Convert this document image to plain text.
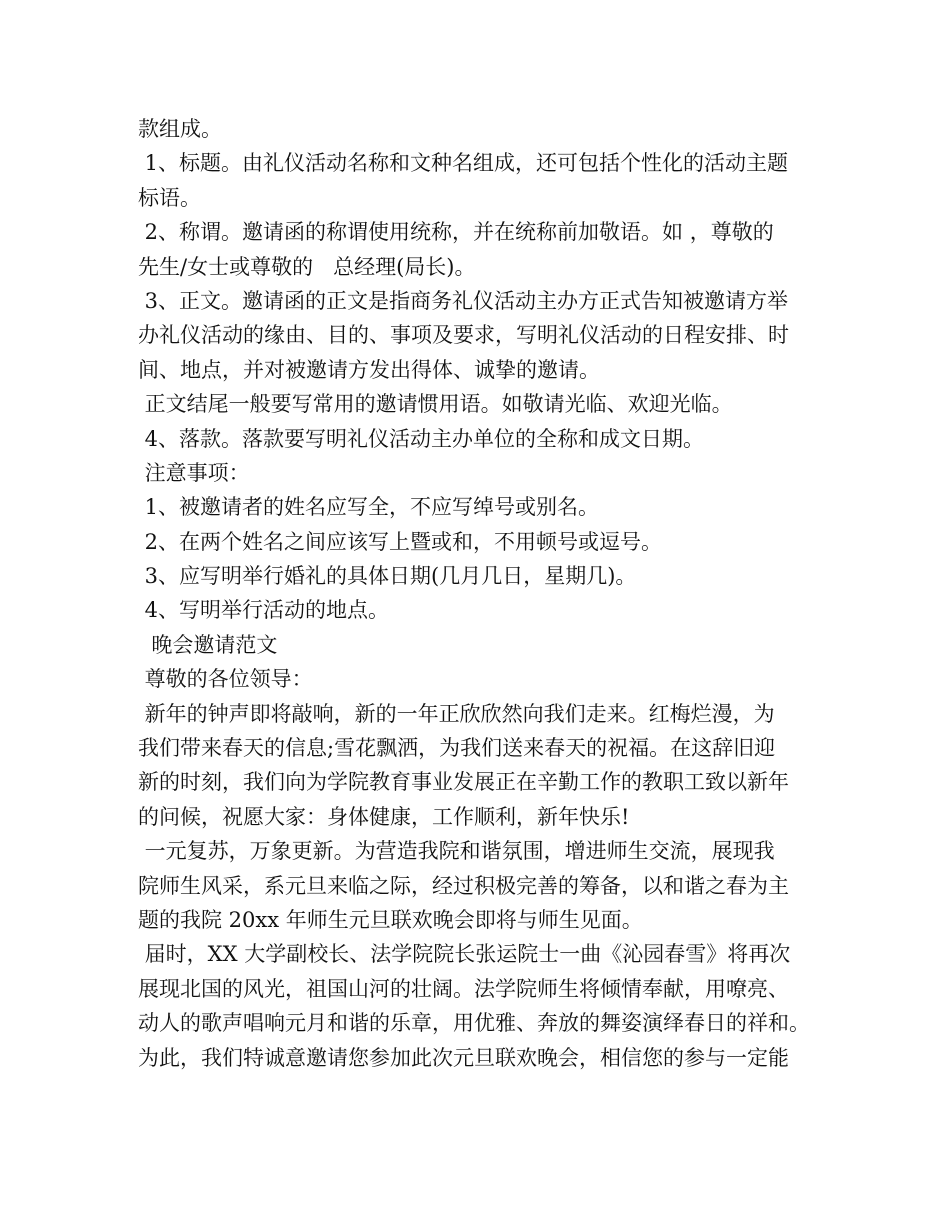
款组成。
1、标题。由礼仪活动名称和文种名组成，还可包括个性化的活动主题
标语。
2、称谓。邀请函的称谓使用统称，并在统称前加敬语。如 ，尊敬的
先生/女士或尊敬的   总经理(局长)。
3、正文。邀请函的正文是指商务礼仪活动主办方正式告知被邀请方举
办礼仪活动的缘由、目的、事项及要求，写明礼仪活动的日程安排、时
间、地点，并对被邀请方发出得体、诚挚的邀请。
正文结尾一般要写常用的邀请惯用语。如敬请光临、欢迎光临。
4、落款。落款要写明礼仪活动主办单位的全称和成文日期。
注意事项：
1、被邀请者的姓名应写全，不应写绰号或别名。
2、在两个姓名之间应该写上暨或和，不用顿号或逗号。
3、应写明举行婚礼的具体日期(几月几日，星期几)。
4、写明举行活动的地点。
晚会邀请范文
尊敬的各位领导：
新年的钟声即将敲响，新的一年正欣欣然向我们走来。红梅烂漫，为
我们带来春天的信息;雪花飘洒，为我们送来春天的祝福。在这辞旧迎
新的时刻，我们向为学院教育事业发展正在辛勤工作的教职工致以新年
的问候，祝愿大家：身体健康，工作顺利，新年快乐!
一元复苏，万象更新。为营造我院和谐氛围，增进师生交流，展现我
院师生风采，系元旦来临之际，经过积极完善的筹备，以和谐之春为主
题的我院 20xx 年师生元旦联欢晚会即将与师生见面。
届时，XX 大学副校长、法学院院长张运院士一曲《沁园春雪》将再次
展现北国的风光，祖国山河的壮阔。法学院师生将倾情奉献，用嘹亮、
动人的歌声唱响元月和谐的乐章，用优雅、奔放的舞姿演绎春日的祥和。
为此，我们特诚意邀请您参加此次元旦联欢晚会，相信您的参与一定能
